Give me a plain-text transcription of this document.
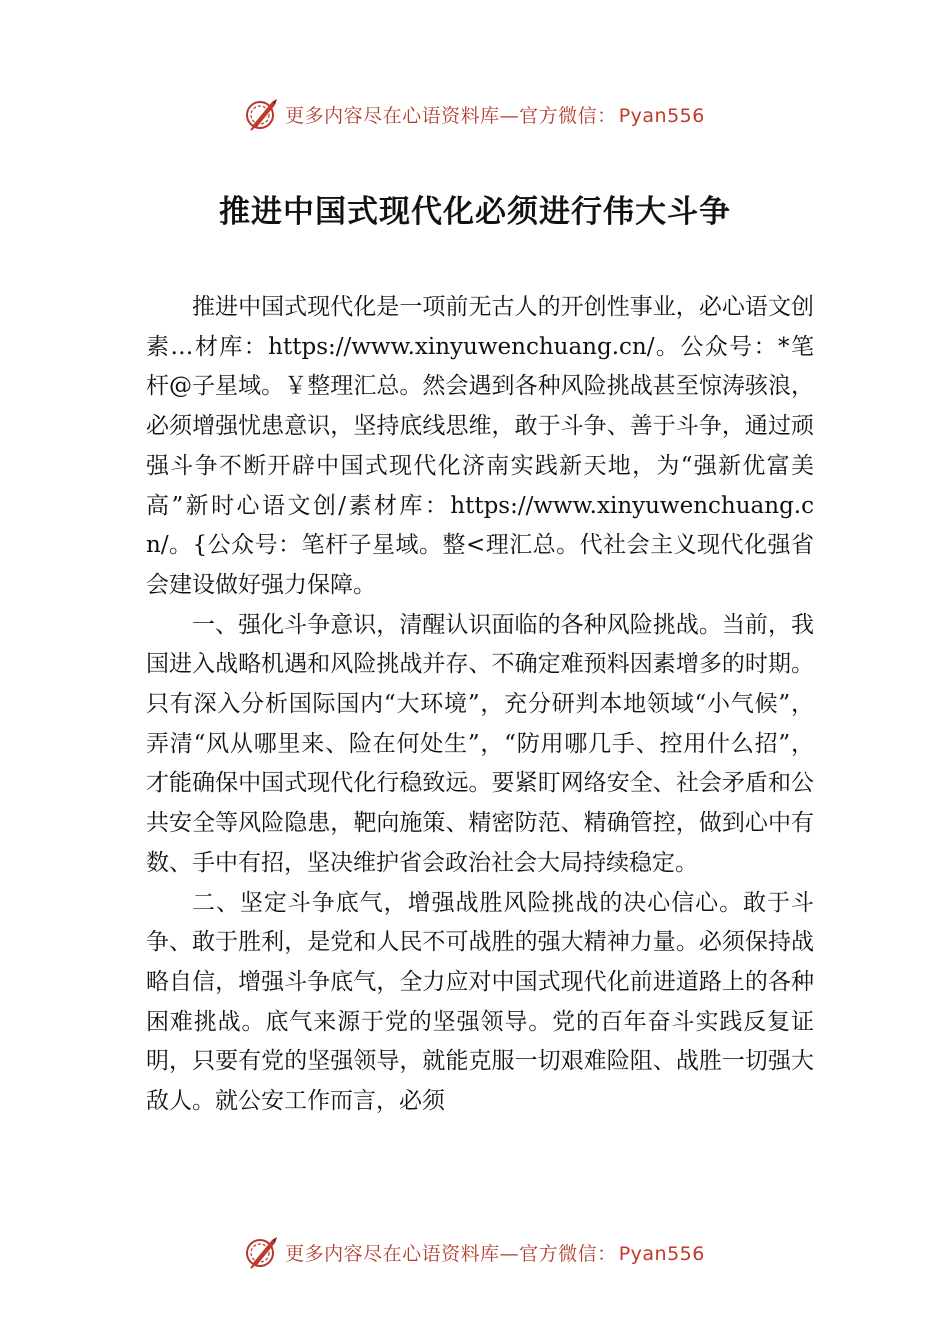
更多内容尽在心语资料库—官方微信： Pyan556
推进中国式现代化必须进行伟大斗争

推进中国式现代化是一项前无古人的开创性事业，必心语文创素…材库：https://www.xinyuwenchuang.cn/。公众号：*笔杆@子星域。￥整理汇总。然会遇到各种风险挑战甚至惊涛骇浪，必须增强忧患意识，坚持底线思维，敢于斗争、善于斗争，通过顽强斗争不断开辟中国式现代化济南实践新天地，为“强新优富美高”新时心语文创/素材库：https://www.xinyuwenchuang.cn/。{公众号：笔杆子星域。整<理汇总。代社会主义现代化强省会建设做好强力保障。

一、强化斗争意识，清醒认识面临的各种风险挑战。当前，我国进入战略机遇和风险挑战并存、不确定难预料因素增多的时期。只有深入分析国际国内“大环境”，充分研判本地领域“小气候”，弄清“风从哪里来、险在何处生”，“防用哪几手、控用什么招”，才能确保中国式现代化行稳致远。要紧盯网络安全、社会矛盾和公共安全等风险隐患，靶向施策、精密防范、精确管控，做到心中有数、手中有招，坚决维护省会政治社会大局持续稳定。

二、坚定斗争底气，增强战胜风险挑战的决心信心。敢于斗争、敢于胜利，是党和人民不可战胜的强大精神力量。必须保持战略自信，增强斗争底气，全力应对中国式现代化前进道路上的各种困难挑战。底气来源于党的坚强领导。党的百年奋斗实践反复证明，只要有党的坚强领导，就能克服一切艰难险阻、战胜一切强大敌人。就公安工作而言，必须

更多内容尽在心语资料库—官方微信： Pyan556
